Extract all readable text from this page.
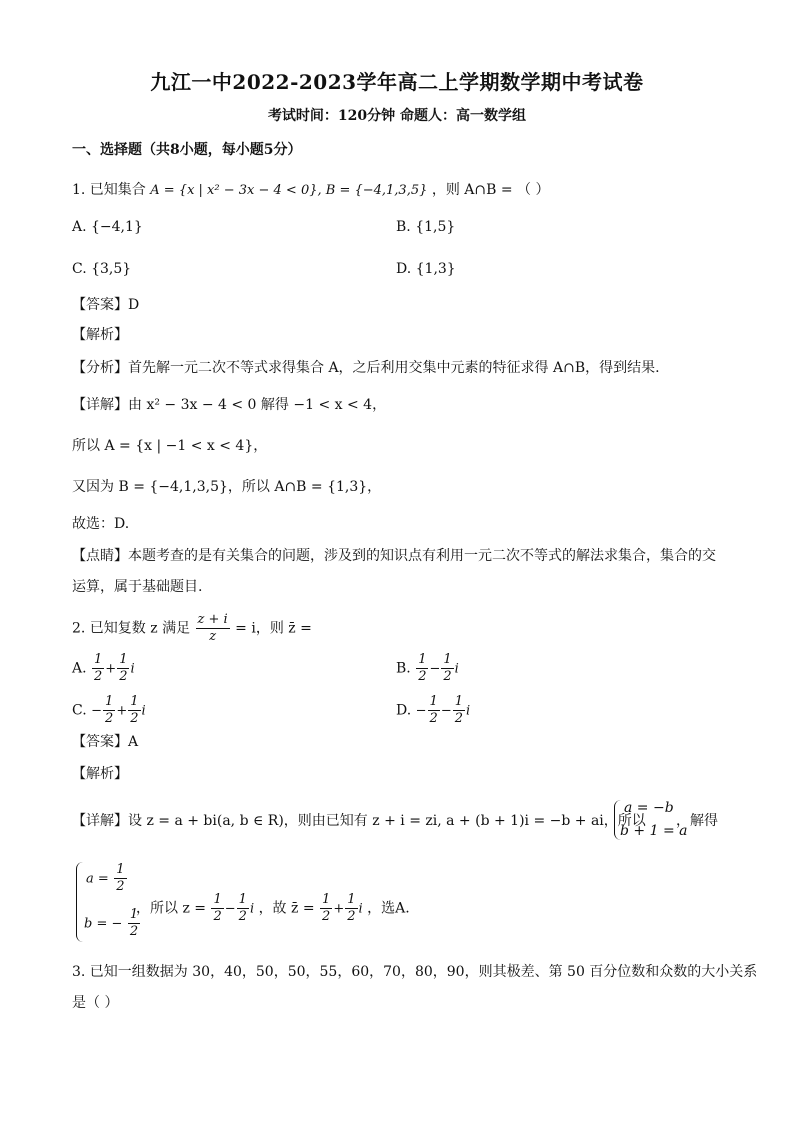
九江一中2022-2023学年高二上学期数学期中考试卷
考试时间：120分钟 命题人：高一数学组
一、选择题（共8小题，每小题5分）
1. 已知集合 A = {x | x² − 3x − 4 < 0}, B = {−4,1,3,5} ，则 A∩B = （ ）
A. {−4,1}	B. {1,5}
C. {3,5}	D. {1,3}
【答案】D
【解析】
【分析】首先解一元二次不等式求得集合 A，之后利用交集中元素的特征求得 A∩B，得到结果.
【详解】由 x² − 3x − 4 < 0 解得 −1 < x < 4，
所以 A = {x | −1 < x < 4}，
又因为 B = {−4,1,3,5}，所以 A∩B = {1,3}，
故选：D.
【点睛】本题考查的是有关集合的问题，涉及到的知识点有利用一元二次不等式的解法求集合，集合的交
运算，属于基础题目.
2. 已知复数 z 满足 $\frac{z + i}{z} = i$，则 z̄ =
A. $\frac{1}{2} + \frac{1}{2}$ i	B. $\frac{1}{2} - \frac{1}{2}$ i
C. − $\frac{1}{2} + \frac{1}{2}$ i	D. − $\frac{1}{2} - \frac{1}{2}$ i
【答案】A
【解析】
【详解】设 z = a + bi(a, b ∈ R)，则由已知有 z + i = zi, a + (b + 1)i = −b + ai，所以
a = −b
b + 1 = a
，解得
$a = \frac{1}{2}$
b = − $\frac{1}{2}$
，所以 $z = \frac{1}{2} - \frac{1}{2}$ i ，故 z̄ = $\frac{1}{2} + \frac{1}{2}$ i ，选A.
3. 已知一组数据为 30，40，50，50，55，60，70，80，90，则其极差、第 50 百分位数和众数的大小关系
是（ ）
